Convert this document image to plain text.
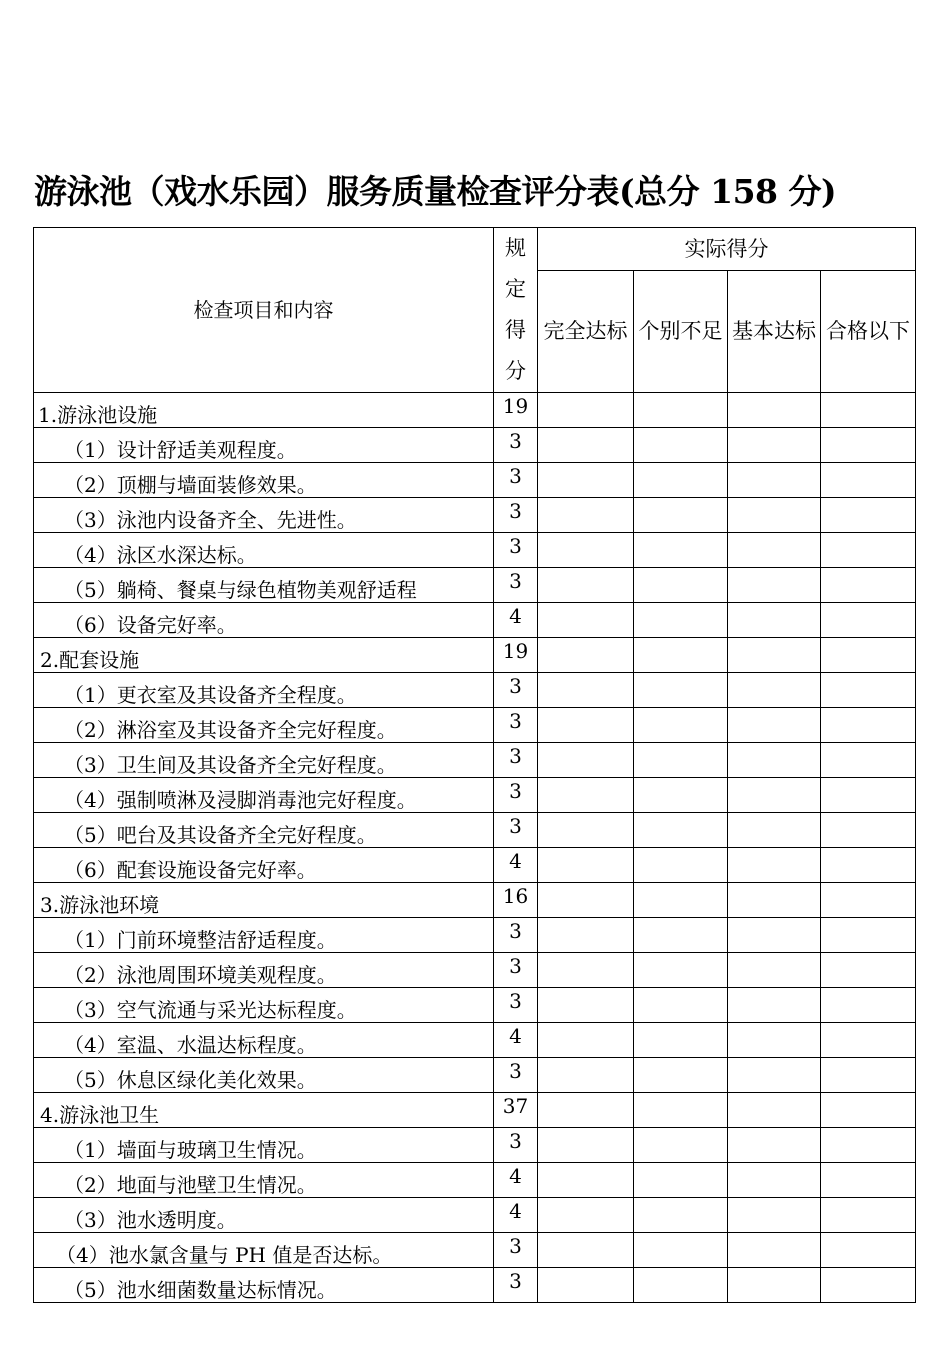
游泳池（戏水乐园）服务质量检查评分表(总分 158 分)
检查项目和内容	规
定
得
分	实际得分			
		完全达标	个别不足	基本达标	合格以下
1.游泳池设施	19				
（1）设计舒适美观程度。	3				
（2）顶棚与墙面装修效果。	3				
（3）泳池内设备齐全、先进性。	3				
（4）泳区水深达标。	3				
（5）躺椅、餐桌与绿色植物美观舒适程	3				
（6）设备完好率。	4				
2.配套设施	19				
（1）更衣室及其设备齐全程度。	3				
（2）淋浴室及其设备齐全完好程度。	3				
（3）卫生间及其设备齐全完好程度。	3				
（4）强制喷淋及浸脚消毒池完好程度。	3				
（5）吧台及其设备齐全完好程度。	3				
（6）配套设施设备完好率。	4				
3.游泳池环境	16				
（1）门前环境整洁舒适程度。	3				
（2）泳池周围环境美观程度。	3				
（3）空气流通与采光达标程度。	3				
（4）室温、水温达标程度。	4				
（5）休息区绿化美化效果。	3				
4.游泳池卫生	37				
（1）墙面与玻璃卫生情况。	3				
（2）地面与池壁卫生情况。	4				
（3）池水透明度。	4				
（4）池水氯含量与 PH 值是否达标。	3				
（5）池水细菌数量达标情况。	3				
